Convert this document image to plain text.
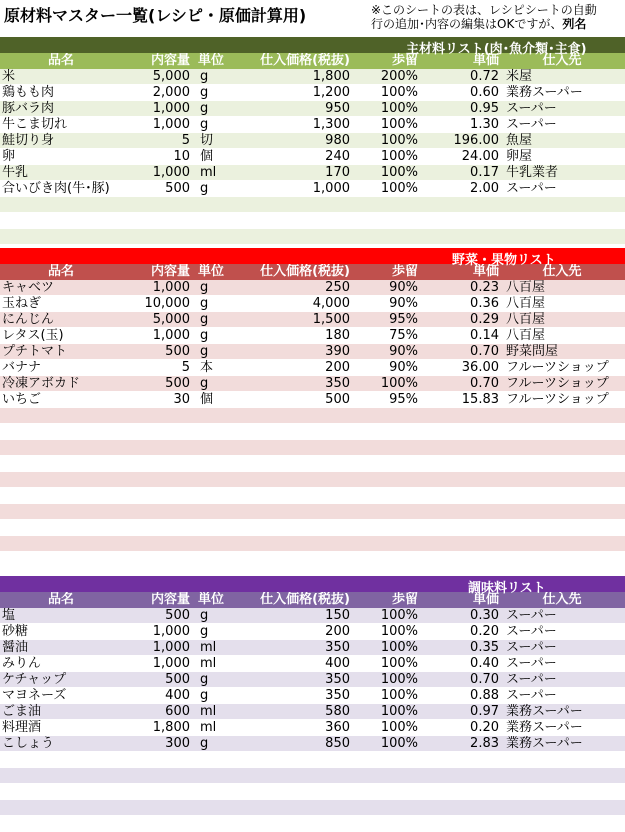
原材料マスター一覧(レシピ・原価計算用)	※このシートの表は、レシピシートの自動
行の追加･内容の編集はOKですが、列名
主材料リスト(肉･魚介類･主食)
品名	内容量 単位	仕入価格(税抜)	歩留	単価	仕入先
米	5,000 g	1,800	200%	0.72 米屋
鶏もも肉	2,000 g	1,200	100%	0.60 業務スーパー
豚バラ肉	1,000 g	950	100%	0.95 スーパー
牛こま切れ	1,000 g	1,300	100%	1.30 スーパー
鮭切り身	5 切	980	100%	196.00 魚屋
卵	10 個	240	100%	24.00 卵屋
牛乳	1,000 ml	170	100%	0.17 牛乳業者
合いびき肉(牛･豚)	500 g	1,000	100%	2.00 スーパー
野菜・果物リスト
品名	内容量 単位	仕入価格(税抜)	歩留	単価	仕入先
キャベツ	1,000 g	250	90%	0.23 八百屋
玉ねぎ	10,000 g	4,000	90%	0.36 八百屋
にんじん	5,000 g	1,500	95%	0.29 八百屋
レタス(玉)	1,000 g	180	75%	0.14 八百屋
プチトマト	500 g	390	90%	0.70 野菜問屋
バナナ	5 本	200	90%	36.00 フルーツショップ
冷凍アボカド	500 g	350	100%	0.70 フルーツショップ
いちご	30 個	500	95%	15.83 フルーツショップ
調味料リスト
品名	内容量 単位	仕入価格(税抜)	歩留	単価	仕入先
塩	500 g	150	100%	0.30 スーパー
砂糖	1,000 g	200	100%	0.20 スーパー
醤油	1,000 ml	350	100%	0.35 スーパー
みりん	1,000 ml	400	100%	0.40 スーパー
ケチャップ	500 g	350	100%	0.70 スーパー
マヨネーズ	400 g	350	100%	0.88 スーパー
ごま油	600 ml	580	100%	0.97 業務スーパー
料理酒	1,800 ml	360	100%	0.20 業務スーパー
こしょう	300 g	850	100%	2.83 業務スーパー
